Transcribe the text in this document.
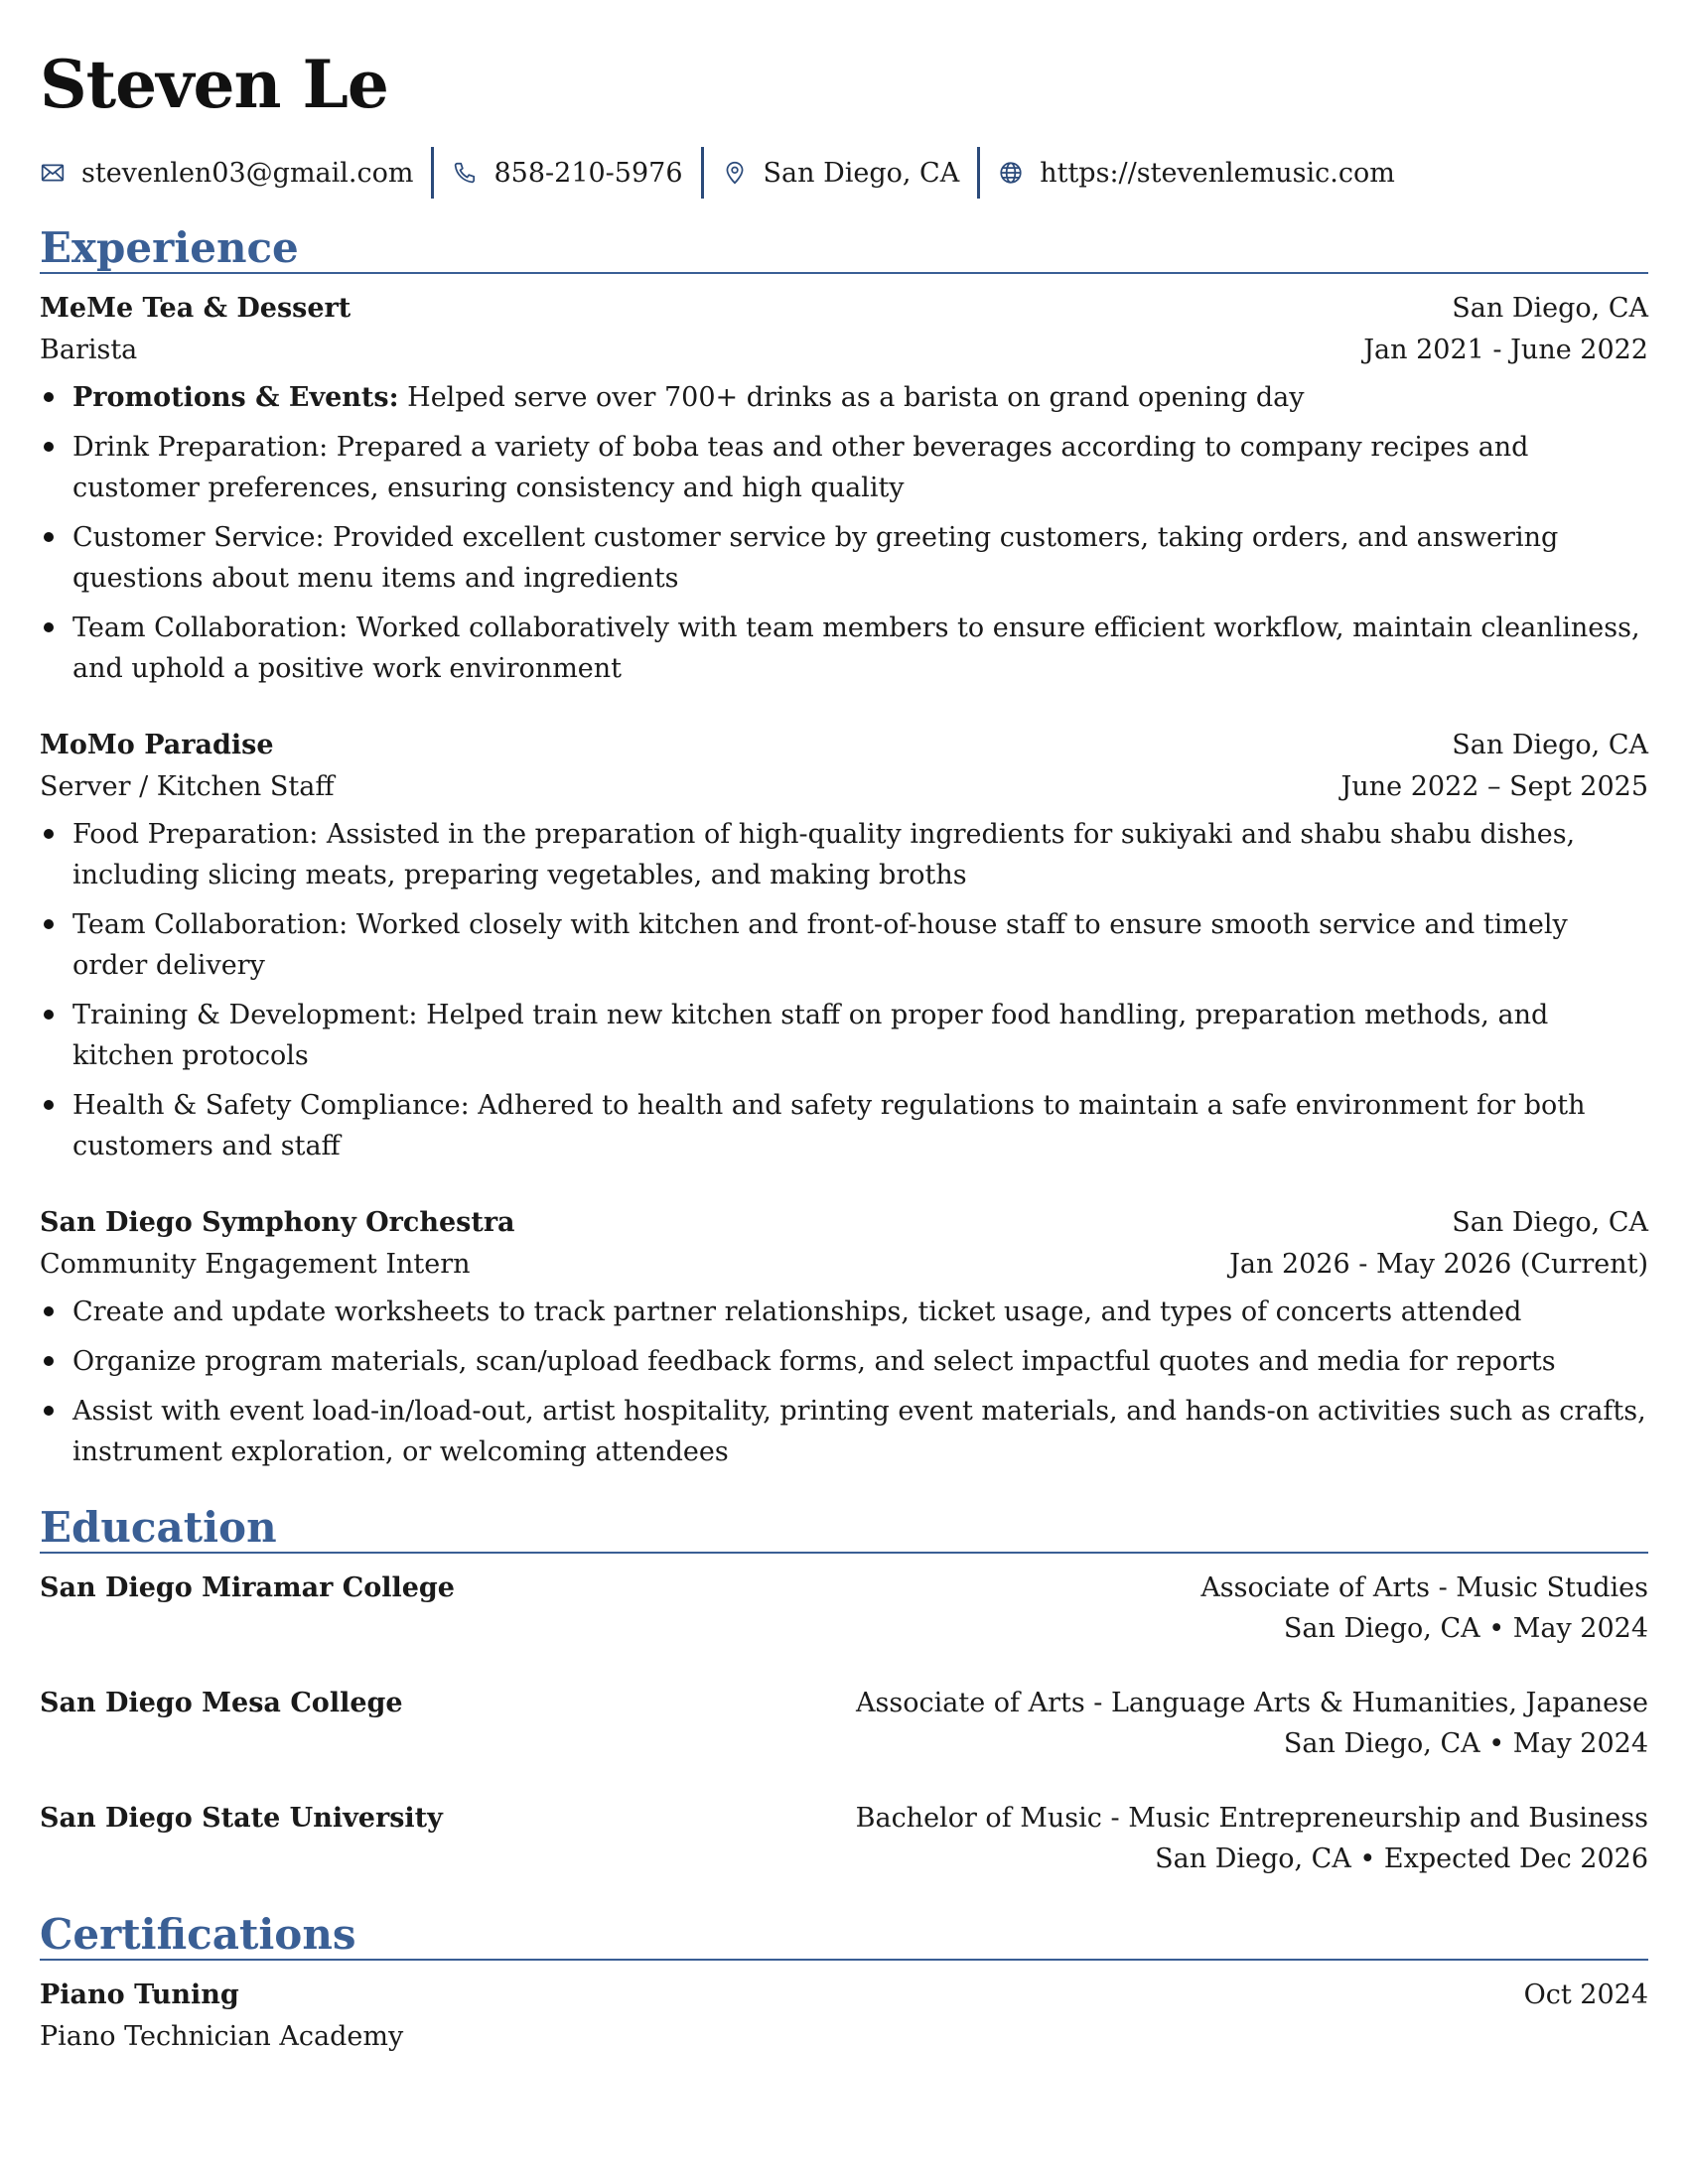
Steven Le
stevenlen03@gmail.com	858-210-5976	San Diego, CA	https://stevenlemusic.com
Experience
MeMe Tea & Dessert	San Diego, CA
Barista	Jan 2021 - June 2022
Promotions & Events: Helped serve over 700+ drinks as a barista on grand opening day
Drink Preparation: Prepared a variety of boba teas and other beverages according to company recipes and customer preferences, ensuring consistency and high quality
Customer Service: Provided excellent customer service by greeting customers, taking orders, and answering questions about menu items and ingredients
Team Collaboration: Worked collaboratively with team members to ensure efficient workflow, maintain cleanliness, and uphold a positive work environment
MoMo Paradise	San Diego, CA
Server / Kitchen Staff	June 2022 – Sept 2025
Food Preparation: Assisted in the preparation of high-quality ingredients for sukiyaki and shabu shabu dishes, including slicing meats, preparing vegetables, and making broths
Team Collaboration: Worked closely with kitchen and front-of-house staff to ensure smooth service and timely order delivery
Training & Development: Helped train new kitchen staff on proper food handling, preparation methods, and kitchen protocols
Health & Safety Compliance: Adhered to health and safety regulations to maintain a safe environment for both customers and staff
San Diego Symphony Orchestra	San Diego, CA
Community Engagement Intern	Jan 2026 - May 2026 (Current)
Create and update worksheets to track partner relationships, ticket usage, and types of concerts attended
Organize program materials, scan/upload feedback forms, and select impactful quotes and media for reports
Assist with event load-in/load-out, artist hospitality, printing event materials, and hands-on activities such as crafts, instrument exploration, or welcoming attendees
Education
San Diego Miramar College	Associate of Arts - Music Studies
San Diego, CA • May 2024
San Diego Mesa College	Associate of Arts - Language Arts & Humanities, Japanese
San Diego, CA • May 2024
San Diego State University	Bachelor of Music - Music Entrepreneurship and Business
San Diego, CA • Expected Dec 2026
Certifications
Piano Tuning	Oct 2024
Piano Technician Academy
